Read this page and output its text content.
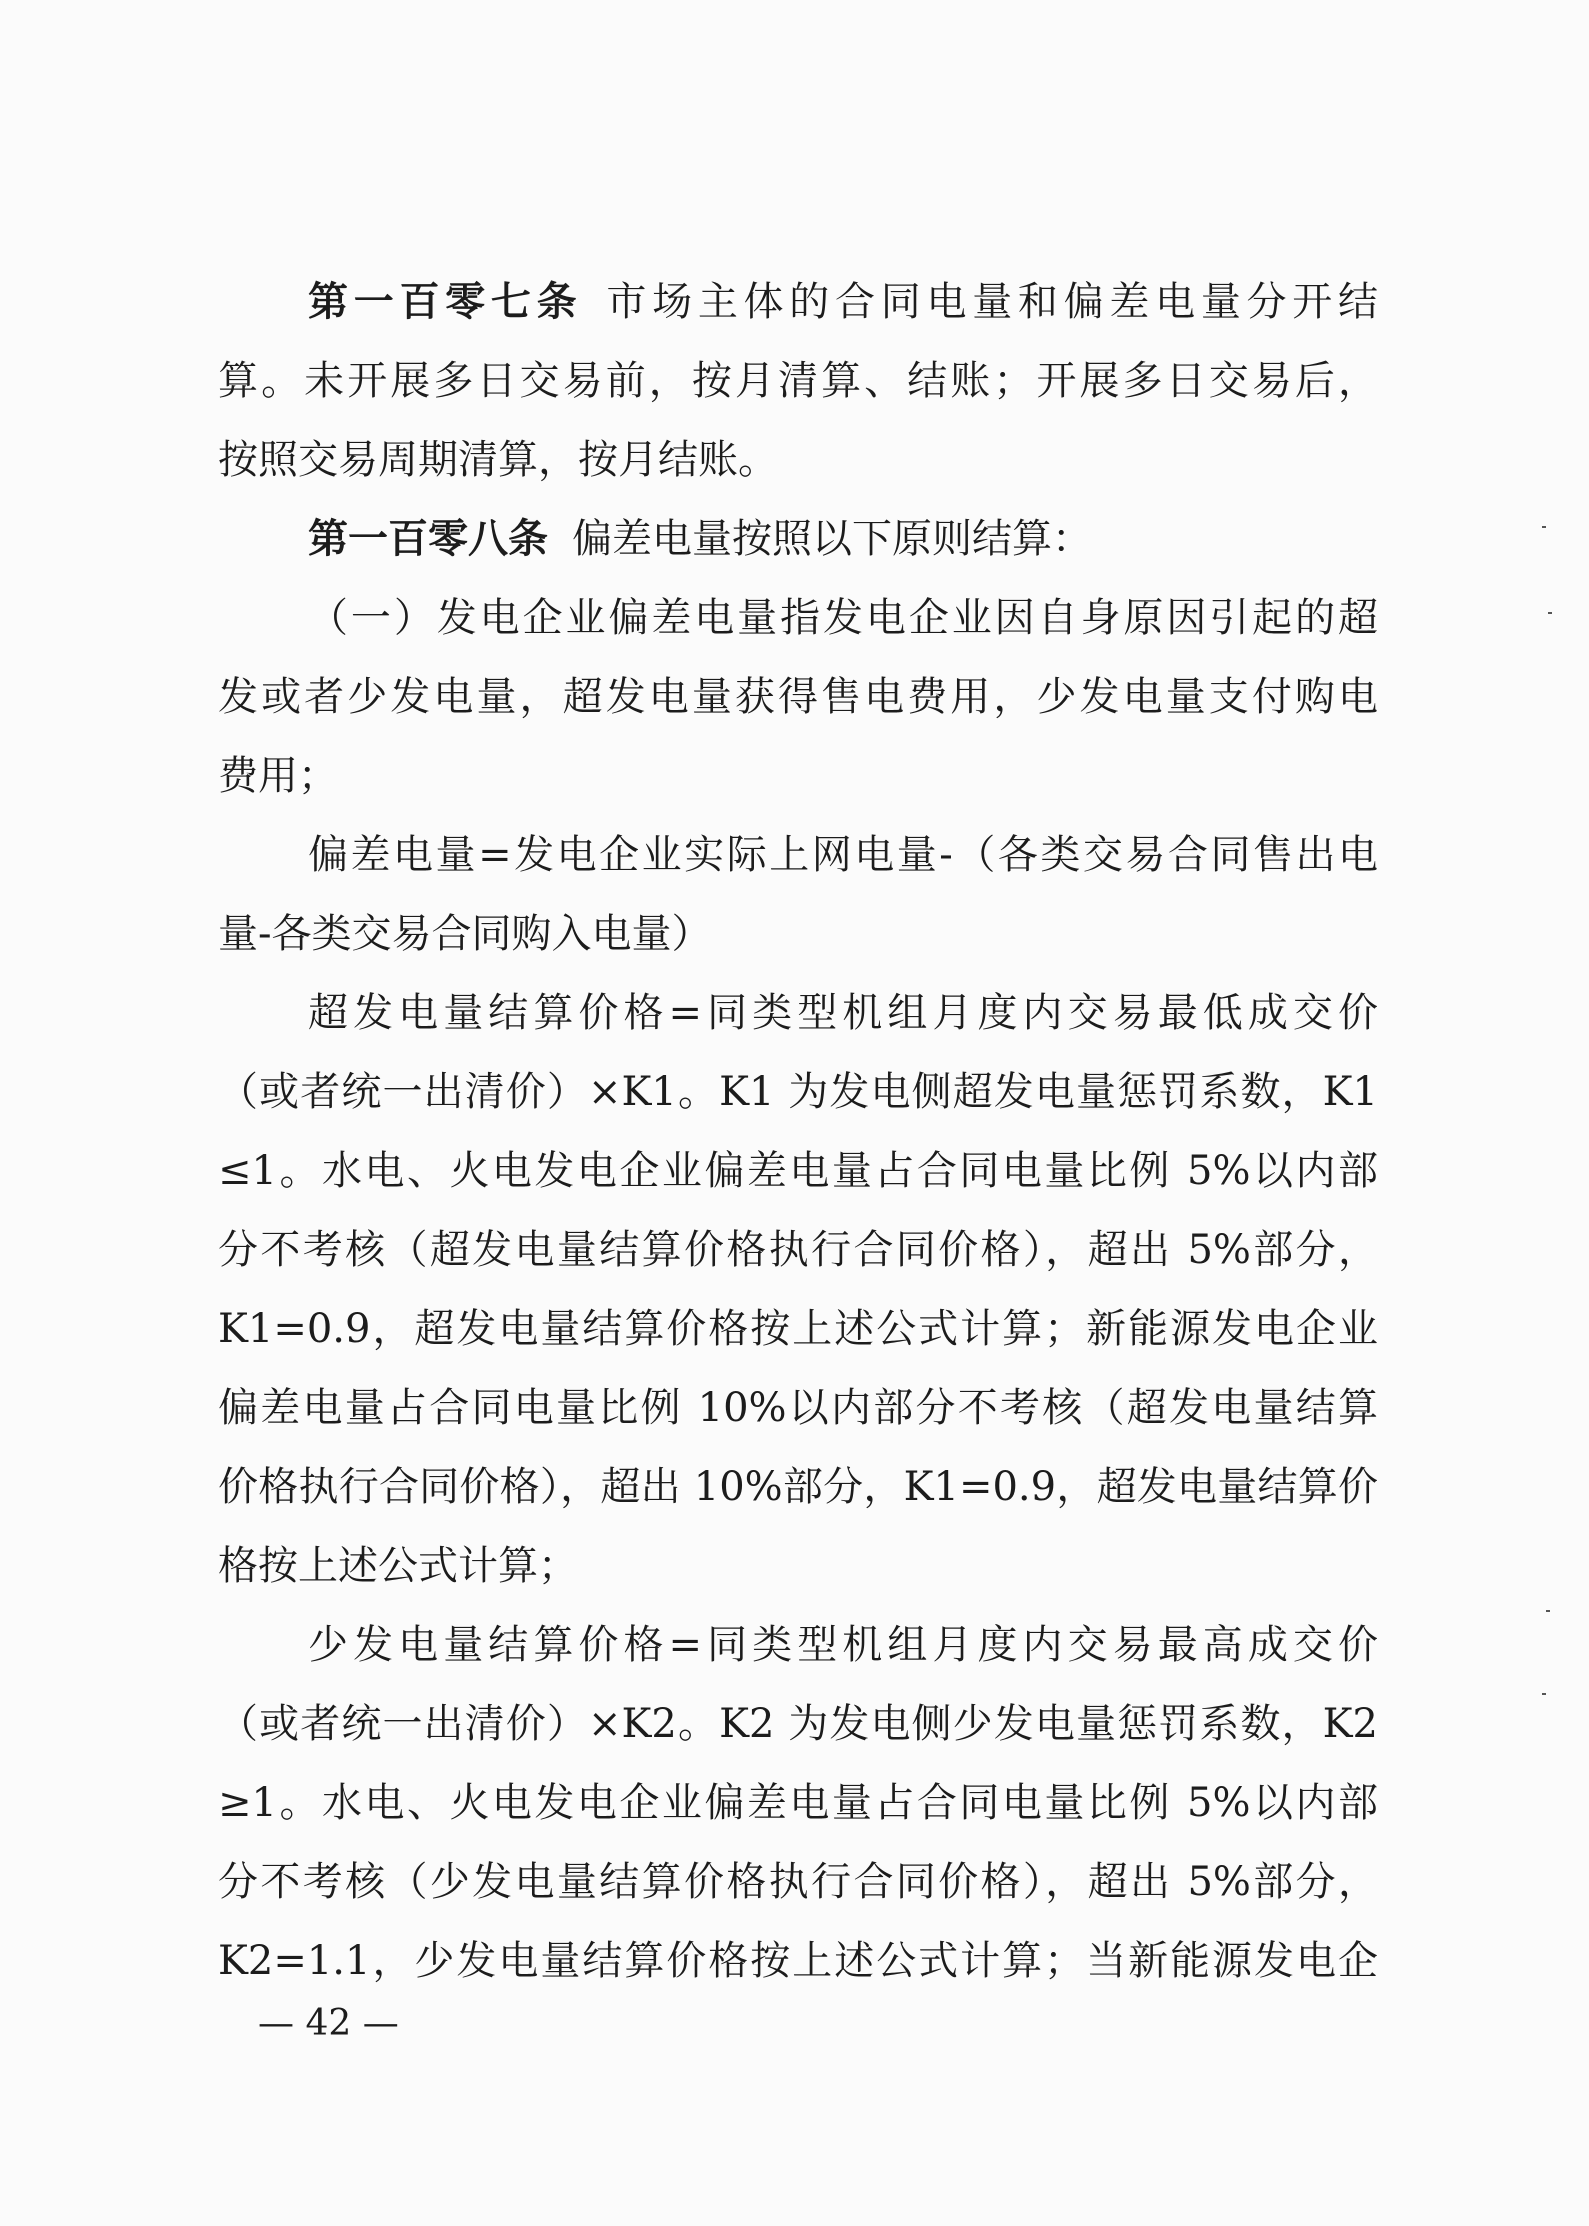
第一百零七条 市场主体的合同电量和偏差电量分开结
算。未开展多日交易前，按月清算、结账；开展多日交易后，
按照交易周期清算，按月结账。
第一百零八条 偏差电量按照以下原则结算：
（一）发电企业偏差电量指发电企业因自身原因引起的超
发或者少发电量，超发电量获得售电费用，少发电量支付购电
费用；
偏差电量=发电企业实际上网电量-（各类交易合同售出电
量-各类交易合同购入电量）
超发电量结算价格=同类型机组月度内交易最低成交价
（或者统一出清价）×K1。K1 为发电侧超发电量惩罚系数，K1
≤1。水电、火电发电企业偏差电量占合同电量比例 5%以内部
分不考核（超发电量结算价格执行合同价格），超出 5%部分，
K1=0.9，超发电量结算价格按上述公式计算；新能源发电企业
偏差电量占合同电量比例 10%以内部分不考核（超发电量结算
价格执行合同价格），超出 10%部分，K1=0.9，超发电量结算价
格按上述公式计算；
少发电量结算价格=同类型机组月度内交易最高成交价
（或者统一出清价）×K2。K2 为发电侧少发电量惩罚系数，K2
≥1。水电、火电发电企业偏差电量占合同电量比例 5%以内部
分不考核（少发电量结算价格执行合同价格），超出 5%部分，
K2=1.1，少发电量结算价格按上述公式计算；当新能源发电企
— 42 —
